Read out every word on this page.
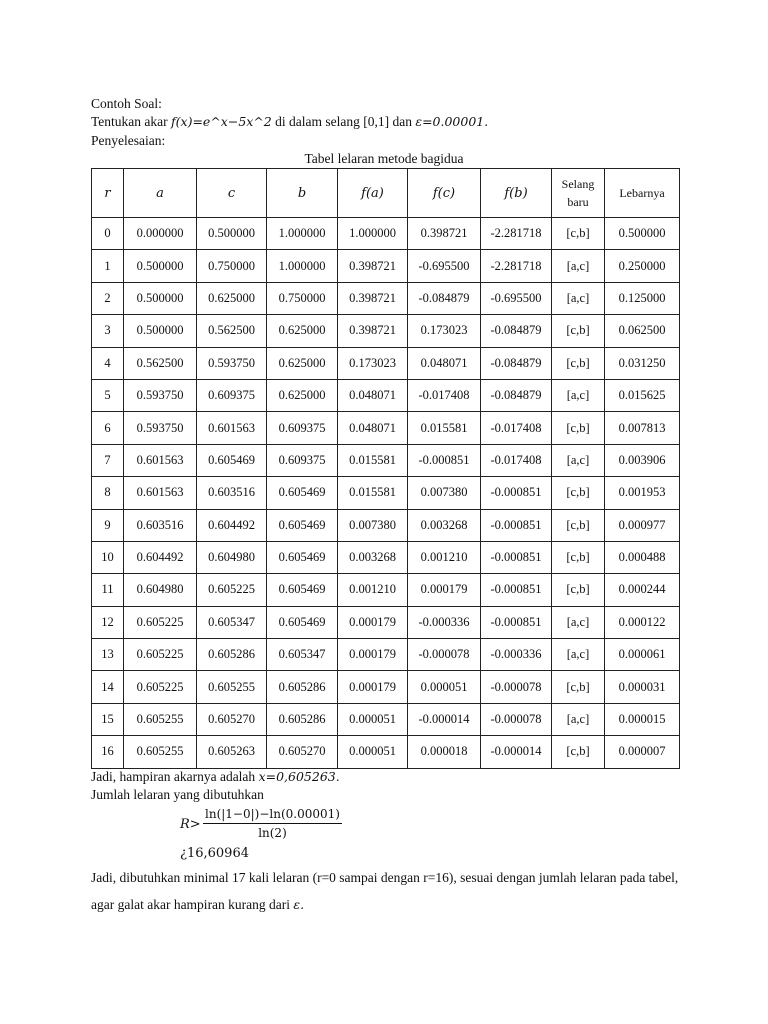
Contoh Soal:
Tentukan akar f(x)=e^x−5x^2 di dalam selang [0,1] dan ε=0.00001.
Penyelesaian:
Tabel lelaran metode bagidua
r	a	c	b	f(a)	f(c)	f(b)	Selang baru	Lebarnya
0	0.000000	0.500000	1.000000	1.000000	0.398721	-2.281718	[c,b]	0.500000
1	0.500000	0.750000	1.000000	0.398721	-0.695500	-2.281718	[a,c]	0.250000
2	0.500000	0.625000	0.750000	0.398721	-0.084879	-0.695500	[a,c]	0.125000
3	0.500000	0.562500	0.625000	0.398721	0.173023	-0.084879	[c,b]	0.062500
4	0.562500	0.593750	0.625000	0.173023	0.048071	-0.084879	[c,b]	0.031250
5	0.593750	0.609375	0.625000	0.048071	-0.017408	-0.084879	[a,c]	0.015625
6	0.593750	0.601563	0.609375	0.048071	0.015581	-0.017408	[c,b]	0.007813
7	0.601563	0.605469	0.609375	0.015581	-0.000851	-0.017408	[a,c]	0.003906
8	0.601563	0.603516	0.605469	0.015581	0.007380	-0.000851	[c,b]	0.001953
9	0.603516	0.604492	0.605469	0.007380	0.003268	-0.000851	[c,b]	0.000977
10	0.604492	0.604980	0.605469	0.003268	0.001210	-0.000851	[c,b]	0.000488
11	0.604980	0.605225	0.605469	0.001210	0.000179	-0.000851	[c,b]	0.000244
12	0.605225	0.605347	0.605469	0.000179	-0.000336	-0.000851	[a,c]	0.000122
13	0.605225	0.605286	0.605347	0.000179	-0.000078	-0.000336	[a,c]	0.000061
14	0.605225	0.605255	0.605286	0.000179	0.000051	-0.000078	[c,b]	0.000031
15	0.605255	0.605270	0.605286	0.000051	-0.000014	-0.000078	[a,c]	0.000015
16	0.605255	0.605263	0.605270	0.000051	0.000018	-0.000014	[c,b]	0.000007
Jadi, hampiran akarnya adalah x=0,605263.
Jumlah lelaran yang dibutuhkan
$R> \frac{\ln(|1-0|)-\ln(0.00001)}{\ln(2)}$
¿16,60964
Jadi, dibutuhkan minimal 17 kali lelaran (r=0 sampai dengan r=16), sesuai dengan jumlah lelaran pada tabel, agar galat akar hampiran kurang dari ε.
